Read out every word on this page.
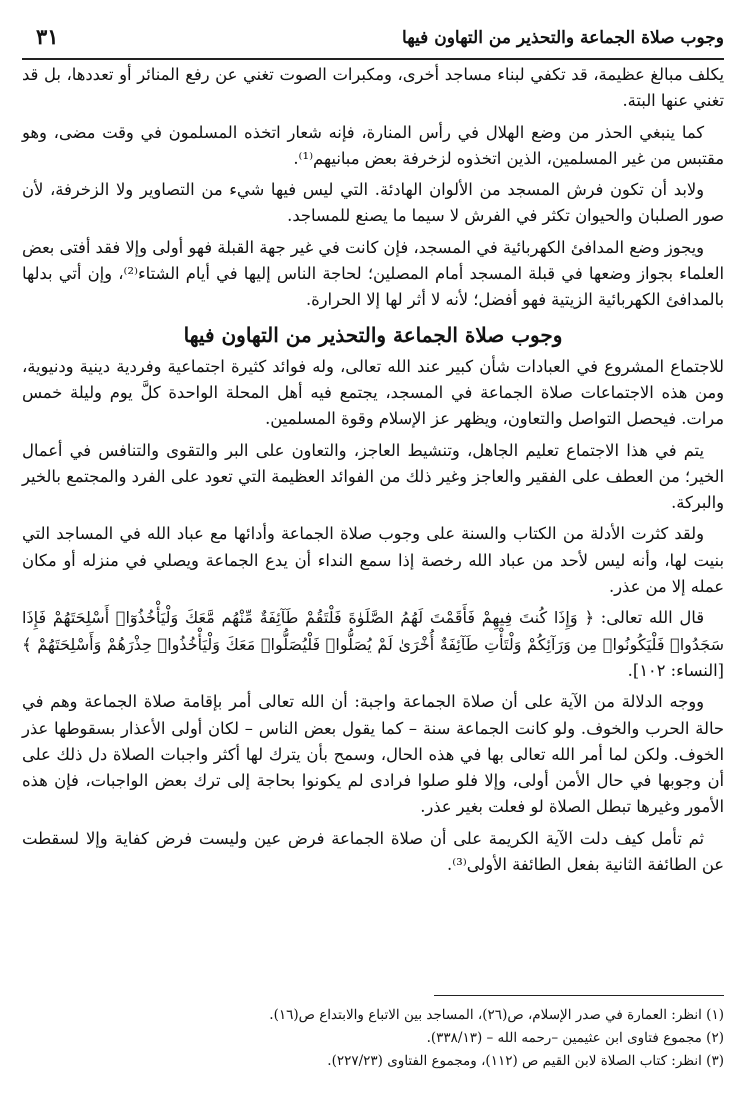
وجوب صلاة الجماعة والتحذير من التهاون فيها
٣١

يكلف مبالغ عظيمة، قد تكفي لبناء مساجد أخرى، ومكبرات الصوت تغني عن رفع المنائر أو تعددها، بل قد تغني عنها البتة.

كما ينبغي الحذر من وضع الهلال في رأس المنارة، فإنه شعار اتخذه المسلمون في وقت مضى، وهو مقتبس من غير المسلمين، الذين اتخذوه لزخرفة بعض مبانيهم⁽¹⁾.

ولابد أن تكون فرش المسجد من الألوان الهادئة. التي ليس فيها شيء من التصاوير ولا الزخرفة، لأن صور الصلبان والحيوان تكثر في الفرش لا سيما ما يصنع للمساجد.

ويجوز وضع المدافئ الكهربائية في المسجد، فإن كانت في غير جهة القبلة فهو أولى وإلا فقد أفتى بعض العلماء بجواز وضعها في قبلة المسجد أمام المصلين؛ لحاجة الناس إليها في أيام الشتاء⁽²⁾، وإن أتي بدلها بالمدافئ الكهربائية الزيتية فهو أفضل؛ لأنه لا أثر لها إلا الحرارة.

وجوب صلاة الجماعة والتحذير من التهاون فيها

للاجتماع المشروع في العبادات شأن كبير عند الله تعالى، وله فوائد كثيرة اجتماعية وفردية دينية ودنيوية، ومن هذه الاجتماعات صلاة الجماعة في المسجد، يجتمع فيه أهل المحلة الواحدة كلَّ يوم وليلة خمس مرات. فيحصل التواصل والتعاون، ويظهر عز الإسلام وقوة المسلمين.

يتم في هذا الاجتماع تعليم الجاهل، وتنشيط العاجز، والتعاون على البر والتقوى والتنافس في أعمال الخير؛ من العطف على الفقير والعاجز وغير ذلك من الفوائد العظيمة التي تعود على الفرد والمجتمع بالخير والبركة.

ولقد كثرت الأدلة من الكتاب والسنة على وجوب صلاة الجماعة وأدائها مع عباد الله في المساجد التي بنيت لها، وأنه ليس لأحد من عباد الله رخصة إذا سمع النداء أن يدع الجماعة ويصلي في منزله أو مكان عمله إلا من عذر.

قال الله تعالى: ﴿ وَإِذَا كُنتَ فِيهِمْ فَأَقَمْتَ لَهُمُ الصَّلَوٰةَ فَلْتَقُمْ طَآئِفَةٌ مِّنْهُم مَّعَكَ وَلْيَأْخُذُوٓا۟ أَسْلِحَتَهُمْ فَإِذَا سَجَدُوا۟ فَلْيَكُونُوا۟ مِن وَرَآئِكُمْ وَلْتَأْتِ طَآئِفَةٌ أُخْرَىٰ لَمْ يُصَلُّوا۟ فَلْيُصَلُّوا۟ مَعَكَ وَلْيَأْخُذُوا۟ حِذْرَهُمْ وَأَسْلِحَتَهُمْ ﴾ [النساء: ١٠٢].

ووجه الدلالة من الآية على أن صلاة الجماعة واجبة: أن الله تعالى أمر بإقامة صلاة الجماعة وهم في حالة الحرب والخوف. ولو كانت الجماعة سنة – كما يقول بعض الناس – لكان أولى الأعذار بسقوطها عذر الخوف. ولكن لما أمر الله تعالى بها في هذه الحال، وسمح بأن يترك لها أكثر واجبات الصلاة دل ذلك على أن وجوبها في حال الأمن أولى، وإلا فلو صلوا فرادى لم يكونوا بحاجة إلى ترك بعض الواجبات، فإن هذه الأمور وغيرها تبطل الصلاة لو فعلت بغير عذر.

ثم تأمل كيف دلت الآية الكريمة على أن صلاة الجماعة فرض عين وليست فرض كفاية وإلا لسقطت عن الطائفة الثانية بفعل الطائفة الأولى⁽³⁾.

(١) انظر: العمارة في صدر الإسلام، ص(٢٦)، المساجد بين الاتباع والابتداع ص(١٦).
(٢) مجموع فتاوى ابن عثيمين –رحمه الله – (٣٣٨/١٣).
(٣) انظر: كتاب الصلاة لابن القيم ص (١١٢)، ومجموع الفتاوى (٢٢٧/٢٣).
